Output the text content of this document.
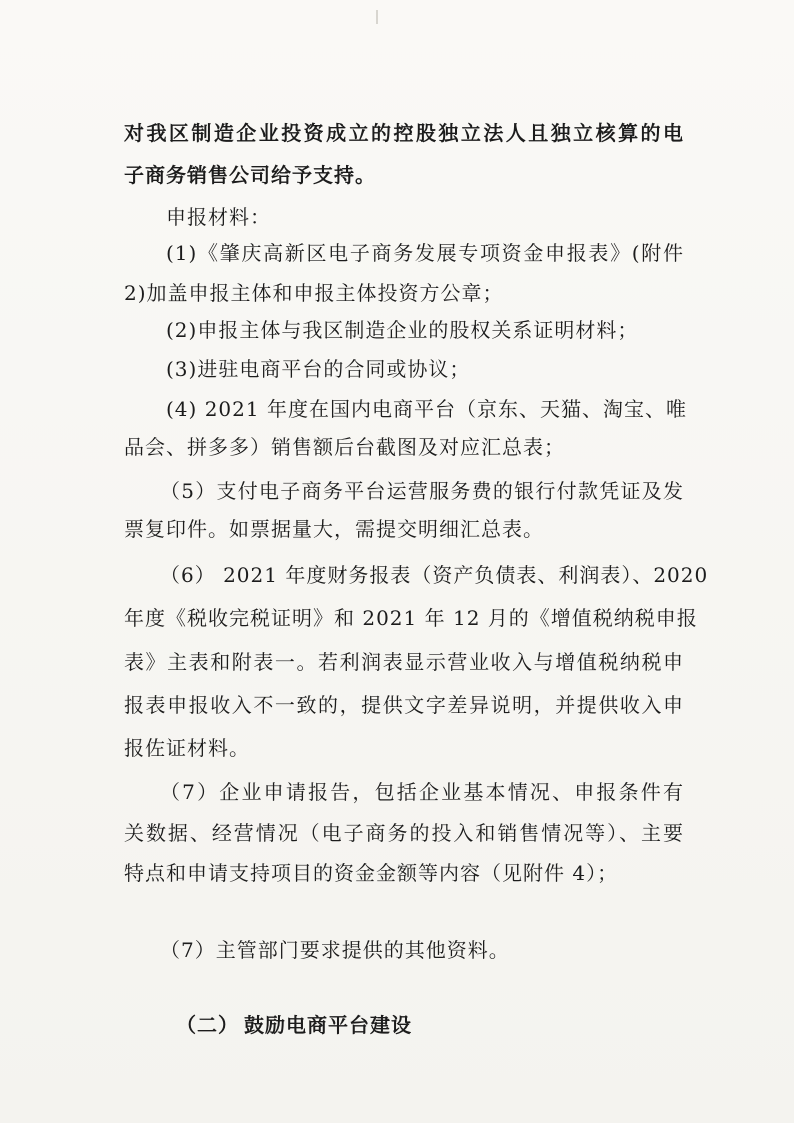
对我区制造企业投资成立的控股独立法人且独立核算的电
子商务销售公司给予支持。
申报材料：
(1)《肇庆高新区电子商务发展专项资金申报表》(附件
2)加盖申报主体和申报主体投资方公章；
(2)申报主体与我区制造企业的股权关系证明材料；
(3)进驻电商平台的合同或协议；
(4) 2021 年度在国内电商平台（京东、天猫、淘宝、唯
品会、拼多多）销售额后台截图及对应汇总表；
（5）支付电子商务平台运营服务费的银行付款凭证及发
票复印件。如票据量大，需提交明细汇总表。
（6） 2021 年度财务报表（资产负债表、利润表）、2020
年度《税收完税证明》和 2021 年 12 月的《增值税纳税申报
表》主表和附表一。若利润表显示营业收入与增值税纳税申
报表申报收入不一致的，提供文字差异说明，并提供收入申
报佐证材料。
（7）企业申请报告，包括企业基本情况、申报条件有
关数据、经营情况（电子商务的投入和销售情况等）、主要
特点和申请支持项目的资金金额等内容（见附件 4）；
（7）主管部门要求提供的其他资料。
（二） 鼓励电商平台建设
